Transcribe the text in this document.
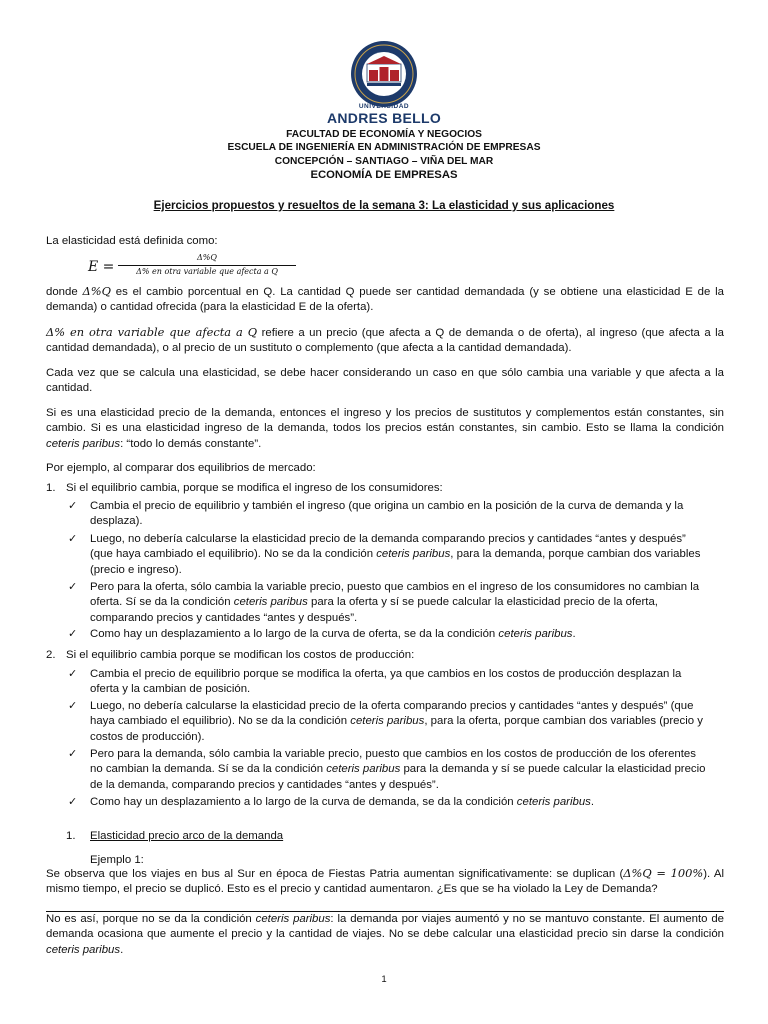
UNIVERSIDAD
ANDRES BELLO
FACULTAD DE ECONOMÍA Y NEGOCIOS
ESCUELA DE INGENIERÍA EN ADMINISTRACIÓN DE EMPRESAS
CONCEPCIÓN – SANTIAGO – VIÑA DEL MAR
ECONOMÍA DE EMPRESAS
Ejercicios propuestos y resueltos de la semana 3: La elasticidad y sus aplicaciones
La elasticidad está definida como:
E =
Δ%Q
Δ% en otra variable que afecta a Q
donde Δ%Q es el cambio porcentual en Q. La cantidad Q puede ser cantidad demandada (y se obtiene una elasticidad E de la demanda) o cantidad ofrecida (para la elasticidad E de la oferta).
Δ% en otra variable que afecta a Q refiere a un precio (que afecta a Q de demanda o de oferta), al ingreso (que afecta a la cantidad demandada), o al precio de un sustituto o complemento (que afecta a la cantidad demandada).
Cada vez que se calcula una elasticidad, se debe hacer considerando un caso en que sólo cambia una variable y que afecta a la cantidad.
Si es una elasticidad precio de la demanda, entonces el ingreso y los precios de sustitutos y complementos están constantes, sin cambio. Si es una elasticidad ingreso de la demanda, todos los precios están constantes, sin cambio. Esto se llama la condición ceteris paribus: “todo lo demás constante”.
Por ejemplo, al comparar dos equilibrios de mercado:
1. Si el equilibrio cambia, porque se modifica el ingreso de los consumidores:
✓	Cambia el precio de equilibrio y también el ingreso (que origina un cambio en la posición de la curva de demanda y la desplaza).
✓	Luego, no debería calcularse la elasticidad precio de la demanda comparando precios y cantidades “antes y después” (que haya cambiado el equilibrio). No se da la condición ceteris paribus, para la demanda, porque cambian dos variables (precio e ingreso).
✓	Pero para la oferta, sólo cambia la variable precio, puesto que cambios en el ingreso de los consumidores no cambian la oferta. Sí se da la condición ceteris paribus para la oferta y sí se puede calcular la elasticidad precio de la oferta, comparando precios y cantidades “antes y después”.
✓	Como hay un desplazamiento a lo largo de la curva de oferta, se da la condición ceteris paribus.
2. Si el equilibrio cambia porque se modifican los costos de producción:
✓	Cambia el precio de equilibrio porque se modifica la oferta, ya que cambios en los costos de producción desplazan la oferta y la cambian de posición.
✓	Luego, no debería calcularse la elasticidad precio de la oferta comparando precios y cantidades “antes y después” (que haya cambiado el equilibrio). No se da la condición ceteris paribus, para la oferta, porque cambian dos variables (precio y costos de producción).
✓	Pero para la demanda, sólo cambia la variable precio, puesto que cambios en los costos de producción de los oferentes no cambian la demanda. Sí se da la condición ceteris paribus para la demanda y sí se puede calcular la elasticidad precio de la demanda, comparando precios y cantidades “antes y después”.
✓	Como hay un desplazamiento a lo largo de la curva de demanda, se da la condición ceteris paribus.
1. Elasticidad precio arco de la demanda
Ejemplo 1:
Se observa que los viajes en bus al Sur en época de Fiestas Patria aumentan significativamente: se duplican (Δ%Q = 100%). Al mismo tiempo, el precio se duplicó. Esto es el precio y cantidad aumentaron. ¿Es que se ha violado la Ley de Demanda?
No es así, porque no se da la condición ceteris paribus: la demanda por viajes aumentó y no se mantuvo constante. El aumento de demanda ocasiona que aumente el precio y la cantidad de viajes. No se debe calcular una elasticidad precio sin darse la condición ceteris paribus.
1
